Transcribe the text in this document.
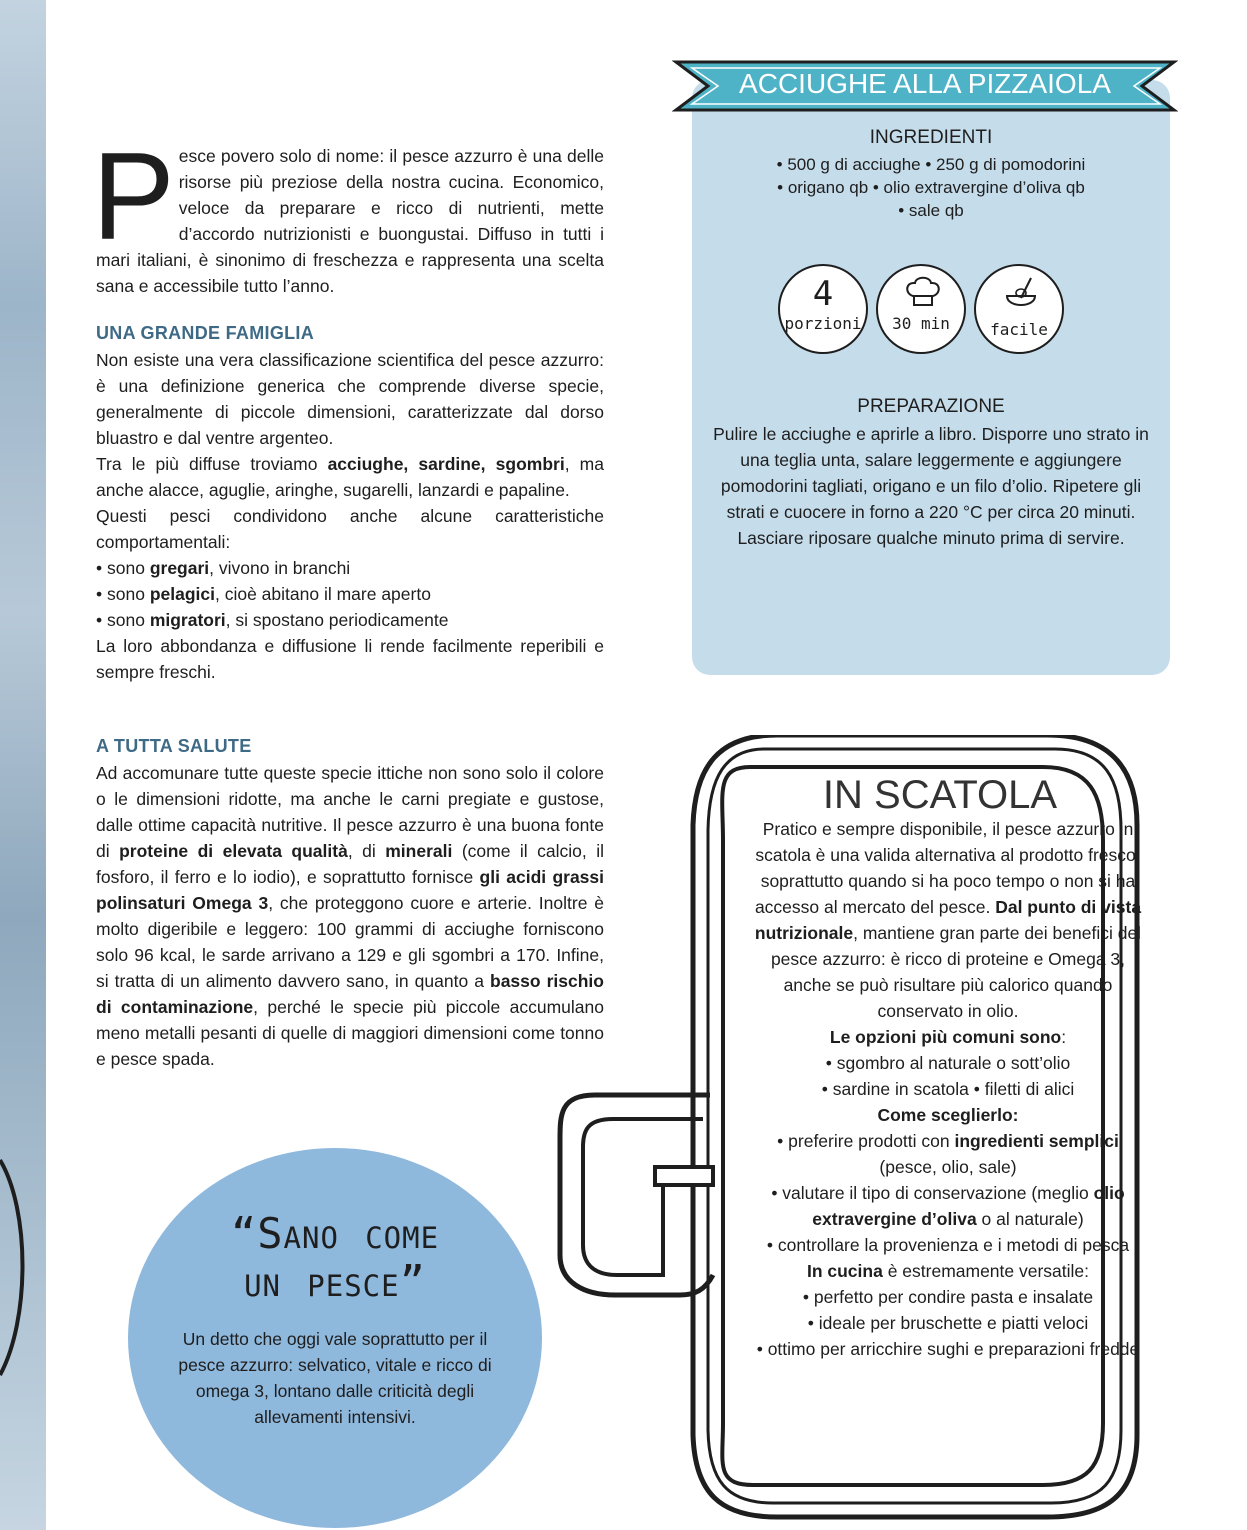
P esce povero solo di nome: il pesce azzurro è una delle risorse più preziose della nostra cucina. Economico, veloce da preparare e ricco di nutrienti, mette d’accordo nutrizionisti e buongustai. Diffuso in tutti i mari italiani, è sinonimo di freschezza e rappresenta una scelta sana e accessibile tutto l’anno.

UNA GRANDE FAMIGLIA

Non esiste una vera classificazione scientifica del pesce azzurro: è una definizione generica che comprende diverse specie, generalmente di piccole dimensioni, caratterizzate dal dorso bluastro e dal ventre argenteo.

Tra le più diffuse troviamo acciughe, sardine, sgombri, ma anche alacce, aguglie, aringhe, sugarelli, lanzardi e papaline.

Questi pesci condividono anche alcune caratteristiche comportamentali:

• sono gregari, vivono in branchi

• sono pelagici, cioè abitano il mare aperto

• sono migratori, si spostano periodicamente

La loro abbondanza e diffusione li rende facilmente reperibili e sempre freschi.

A TUTTA SALUTE

Ad accomunare tutte queste specie ittiche non sono solo il colore o le dimensioni ridotte, ma anche le carni pregiate e gustose, dalle ottime capacità nutritive. Il pesce azzurro è una buona fonte di proteine di elevata qualità, di minerali (come il calcio, il fosforo, il ferro e lo iodio), e soprattutto fornisce gli acidi grassi polinsaturi Omega 3, che proteggono cuore e arterie. Inoltre è molto digeribile e leggero: 100 grammi di acciughe forniscono solo 96 kcal, le sarde arrivano a 129 e gli sgombri a 170. Infine, si tratta di un alimento davvero sano, in quanto a basso rischio di contaminazione, perché le specie più piccole accumulano meno metalli pesanti di quelle di maggiori dimensioni come tonno e pesce spada.

ACCIUGHE ALLA PIZZAIOLA
INGREDIENTI
• 500 g di acciughe • 250 g di pomodorini
• origano qb • olio extravergine d’oliva qb
• sale qb
4
porzioni	30 min	facile
PREPARAZIONE
Pulire le acciughe e aprirle a libro. Disporre uno strato in una teglia unta, salare leggermente e aggiungere pomodorini tagliati, origano e un filo d’olio. Ripetere gli strati e cuocere in forno a 220 °C per circa 20 minuti. Lasciare riposare qualche minuto prima di servire.
IN SCATOLA

Pratico e sempre disponibile, il pesce azzurro in scatola è una valida alternativa al prodotto fresco, soprattutto quando si ha poco tempo o non si ha accesso al mercato del pesce. Dal punto di vista nutrizionale, mantiene gran parte dei benefici del pesce azzurro: è ricco di proteine e Omega 3, anche se può risultare più calorico quando conservato in olio.

Le opzioni più comuni sono:

• sgombro al naturale o sott’olio

• sardine in scatola • filetti di alici

Come sceglierlo:

• preferire prodotti con ingredienti semplici (pesce, olio, sale)

• valutare il tipo di conservazione (meglio olio extravergine d’oliva o al naturale)

• controllare la provenienza e i metodi di pesca

In cucina è estremamente versatile:

• perfetto per condire pasta e insalate

• ideale per bruschette e piatti veloci

• ottimo per arricchire sughi e preparazioni fredde

“Sano come
un pesce”
Un detto che oggi vale soprattutto per il pesce azzurro: selvatico, vitale e ricco di omega 3, lontano dalle criticità degli allevamenti intensivi.
